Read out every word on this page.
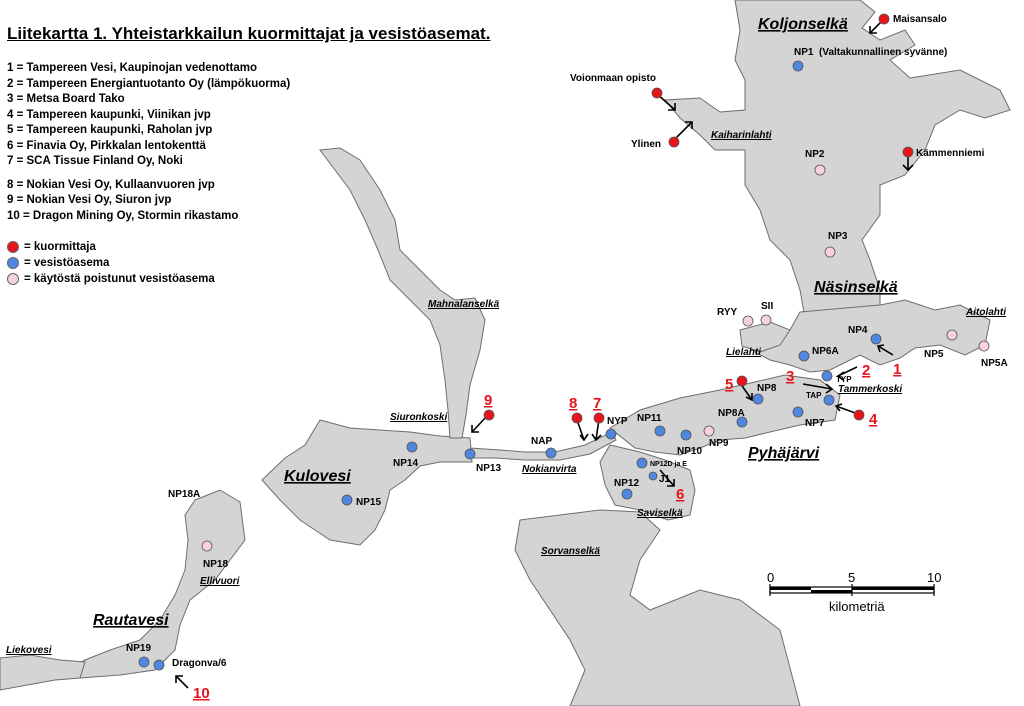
Koljonselkä
Näsinselkä
Pyhäjärvi
Kulovesi
Rautavesi
Kaiharinlahti
Aitolahti
Lielahti
Tammerkoski
Mahnalanselkä
Siuronkoski
Nokianvirta
Saviselkä
Sorvanselkä
Ellivuori
Liekovesi
NP1  (Valtakunnallinen syvänne)
NP2
NP3
NP4
NP5
NP5A
NP6A
NP7
NP8
NP8A
NP9
NP10
NP11
NP12
NP12D ja E
J1
NP13
NP14
NP15
NP18
NP18A
NP19
NAP
NYP
TYP
TAP
RYY
SII
Maisansalo
Voionmaan opisto
Ylinen
Kämmenniemi
Dragonva/6
1
2
3
4
5
6
7
8
9
10
0	5	10
kilometriä
Liitekartta 1. Yhteistarkkailun kuormittajat ja vesistöasemat.
1 = Tampereen Vesi, Kaupinojan vedenottamo
2 = Tampereen Energiantuotanto Oy (lämpökuorma)
3 = Metsa Board Tako
4 = Tampereen kaupunki, Viinikan jvp
5 = Tampereen kaupunki, Raholan jvp
6 = Finavia Oy, Pirkkalan lentokenttä
7 = SCA Tissue Finland Oy, Noki
8 = Nokian Vesi Oy, Kullaanvuoren jvp
9 = Nokian Vesi Oy, Siuron jvp
10 = Dragon Mining Oy, Stormin rikastamo
= kuormittaja
= vesistöasema
= käytöstä poistunut vesistöasema
